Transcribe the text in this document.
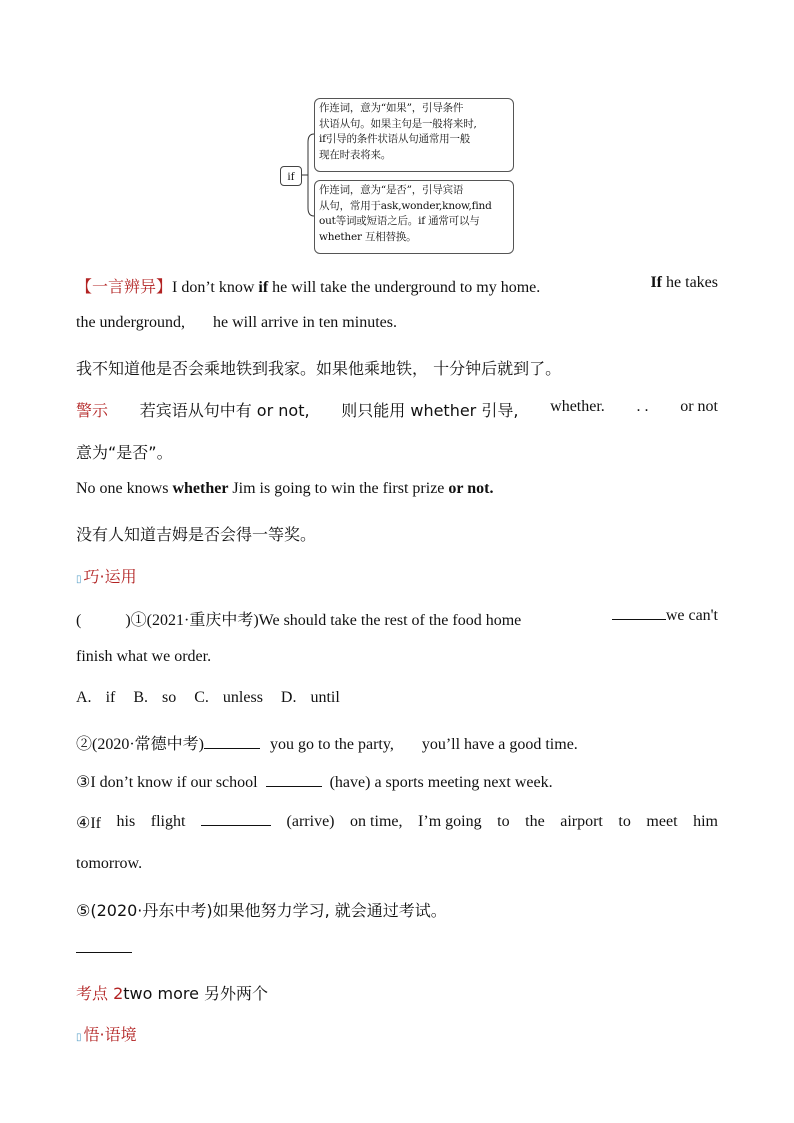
if
作连词，意为“如果”，引导条件
状语从句。如果主句是一般将来时,
if引导的条件状语从句通常用一般
现在时表将来。
作连词，意为“是否”，引导宾语
从句，常用于ask,wonder,know,find
out等词或短语之后。if 通常可以与
whether 互相替换。
【一言辨异】I don’t know if he will take the underground to my home.	If he takes
the underground, he will arrive in ten minutes.
我不知道他是否会乘地铁到我家。如果他乘地铁， 十分钟后就到了。
警示 若宾语从句中有 or not, 则只能用 whether 引导, whether. . . or not
意为“是否”。
No one knows whether Jim is going to win the first prize or not.
没有人知道吉姆是否会得一等奖。
▯ 巧·运用
(	)①(2021·重庆中考)We should take the rest of the food home	we can't
finish what we order.
A. if B. so C. unless D. until
②(2020·常德中考)	you go to the party, you’ll have a good time.
③I don’t know if our school	(have) a sports meeting next week.
④If his flight	(arrive) on time, I’m going to the airport to meet him
tomorrow.
⑤(2020·丹东中考)如果他努力学习, 就会通过考试。
考点 2two more 另外两个
▯ 悟·语境
